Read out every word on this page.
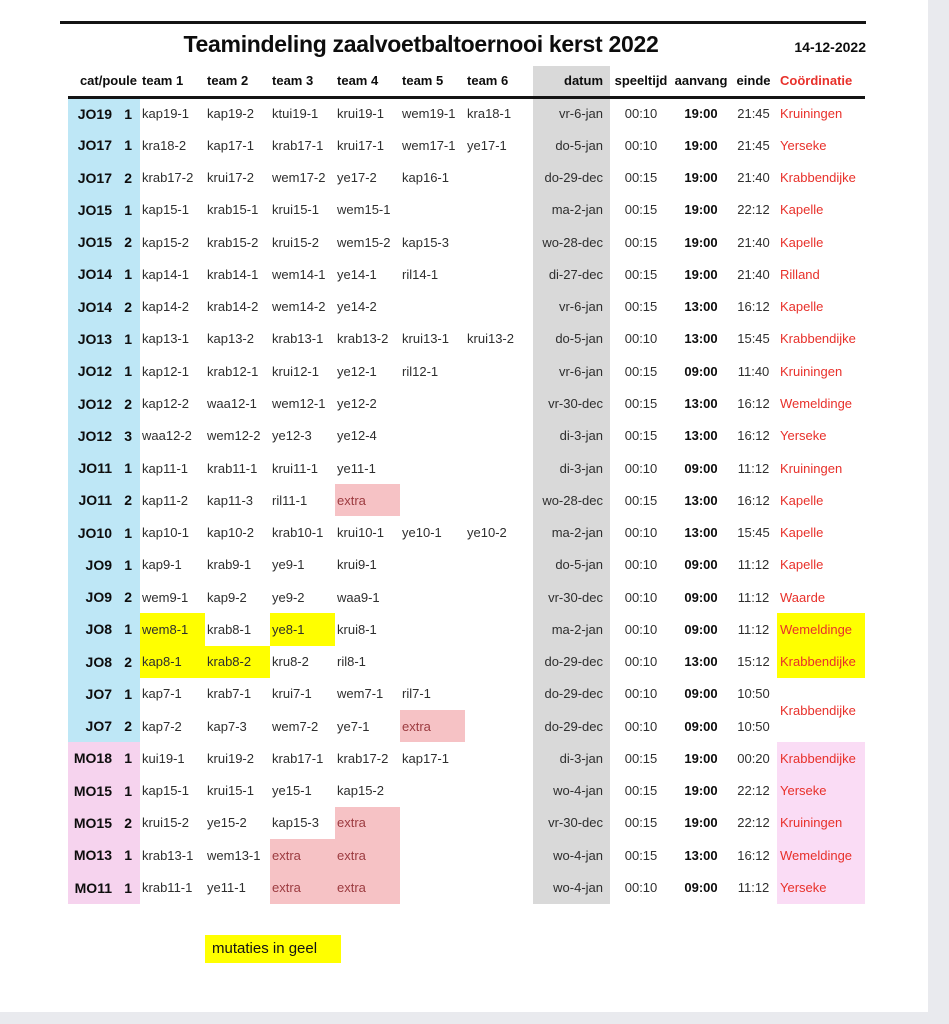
Teamindeling zaalvoetbaltoernooi kerst 2022	14-12-2022
cat/poule		team 1	team 2	team 3	team 4	team 5	team 6	datum	speeltijd	aanvang	einde	Coördinatie
JO19	1	kap19-1	kap19-2	ktui19-1	krui19-1	wem19-1	kra18-1	vr-6-jan	00:10	19:00	21:45	Kruiningen
JO17	1	kra18-2	kap17-1	krab17-1	krui17-1	wem17-1	ye17-1	do-5-jan	00:10	19:00	21:45	Yerseke
JO17	2	krab17-2	krui17-2	wem17-2	ye17-2	kap16-1		do-29-dec	00:15	19:00	21:40	Krabbendijke
JO15	1	kap15-1	krab15-1	krui15-1	wem15-1			ma-2-jan	00:15	19:00	22:12	Kapelle
JO15	2	kap15-2	krab15-2	krui15-2	wem15-2	kap15-3		wo-28-dec	00:15	19:00	21:40	Kapelle
JO14	1	kap14-1	krab14-1	wem14-1	ye14-1	ril14-1		di-27-dec	00:15	19:00	21:40	Rilland
JO14	2	kap14-2	krab14-2	wem14-2	ye14-2			vr-6-jan	00:15	13:00	16:12	Kapelle
JO13	1	kap13-1	kap13-2	krab13-1	krab13-2	krui13-1	krui13-2	do-5-jan	00:10	13:00	15:45	Krabbendijke
JO12	1	kap12-1	krab12-1	krui12-1	ye12-1	ril12-1		vr-6-jan	00:15	09:00	11:40	Kruiningen
JO12	2	kap12-2	waa12-1	wem12-1	ye12-2			vr-30-dec	00:15	13:00	16:12	Wemeldinge
JO12	3	waa12-2	wem12-2	ye12-3	ye12-4			di-3-jan	00:15	13:00	16:12	Yerseke
JO11	1	kap11-1	krab11-1	krui11-1	ye11-1			di-3-jan	00:10	09:00	11:12	Kruiningen
JO11	2	kap11-2	kap11-3	ril11-1	extra			wo-28-dec	00:15	13:00	16:12	Kapelle
JO10	1	kap10-1	kap10-2	krab10-1	krui10-1	ye10-1	ye10-2	ma-2-jan	00:10	13:00	15:45	Kapelle
JO9	1	kap9-1	krab9-1	ye9-1	krui9-1			do-5-jan	00:10	09:00	11:12	Kapelle
JO9	2	wem9-1	kap9-2	ye9-2	waa9-1			vr-30-dec	00:10	09:00	11:12	Waarde
JO8	1	wem8-1	krab8-1	ye8-1	krui8-1			ma-2-jan	00:10	09:00	11:12	Wemeldinge
JO8	2	kap8-1	krab8-2	kru8-2	ril8-1			do-29-dec	00:10	13:00	15:12	Krabbendijke
JO7	1	kap7-1	krab7-1	krui7-1	wem7-1	ril7-1		do-29-dec	00:10	09:00	10:50	Krabbendijke
JO7	2	kap7-2	kap7-3	wem7-2	ye7-1	extra		do-29-dec	00:10	09:00	10:50	
MO18	1	kui19-1	krui19-2	krab17-1	krab17-2	kap17-1		di-3-jan	00:15	19:00	00:20	Krabbendijke
MO15	1	kap15-1	krui15-1	ye15-1	kap15-2			wo-4-jan	00:15	19:00	22:12	Yerseke
MO15	2	krui15-2	ye15-2	kap15-3	extra			vr-30-dec	00:15	19:00	22:12	Kruiningen
MO13	1	krab13-1	wem13-1	extra	extra			wo-4-jan	00:15	13:00	16:12	Wemeldinge
MO11	1	krab11-1	ye11-1	extra	extra			wo-4-jan	00:10	09:00	11:12	Yerseke
mutaties in geel
